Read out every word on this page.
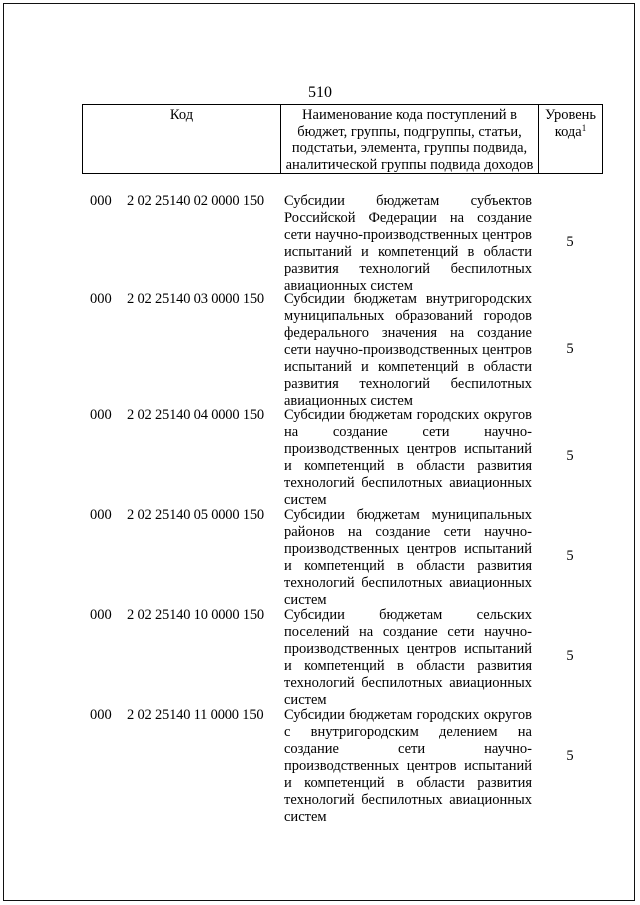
510
Код	Наименование кода поступлений в бюджет, группы, подгруппы, статьи, подстатьи, элемента, группы подвида, аналитической группы подвида доходов
Уровень кода$^1$
000 2 02 25140 02 0000 150 Субсидии бюджетам субъектов Российской Федерации на создание сети научно-производственных центров испытаний и компетенций в области развития технологий беспилотных авиационных систем
5
000 2 02 25140 03 0000 150 Субсидии бюджетам внутригородских муниципальных образований городов федерального значения на создание сети научно-производственных центров испытаний и компетенций в области развития технологий беспилотных авиационных систем
5
000 2 02 25140 04 0000 150 Субсидии бюджетам городских округов на создание сети научно-производственных центров испытаний и компетенций в области развития технологий беспилотных авиационных систем
5
000 2 02 25140 05 0000 150 Субсидии бюджетам муниципальных районов на создание сети научно-производственных центров испытаний и компетенций в области развития технологий беспилотных авиационных систем
5
000 2 02 25140 10 0000 150 Субсидии бюджетам сельских поселений на создание сети научно-производственных центров испытаний и компетенций в области развития технологий беспилотных авиационных систем
5
000 2 02 25140 11 0000 150 Субсидии бюджетам городских округов с внутригородским делением на создание сети научно-производственных центров испытаний и компетенций в области развития технологий беспилотных авиационных систем
5
